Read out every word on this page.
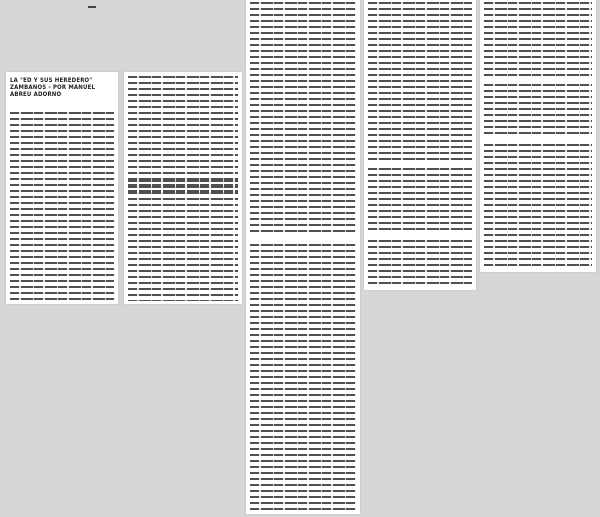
LA "ED Y SUS HEREDERO" ZAMBANOS - POR MANUEL ABREU ADORNO
